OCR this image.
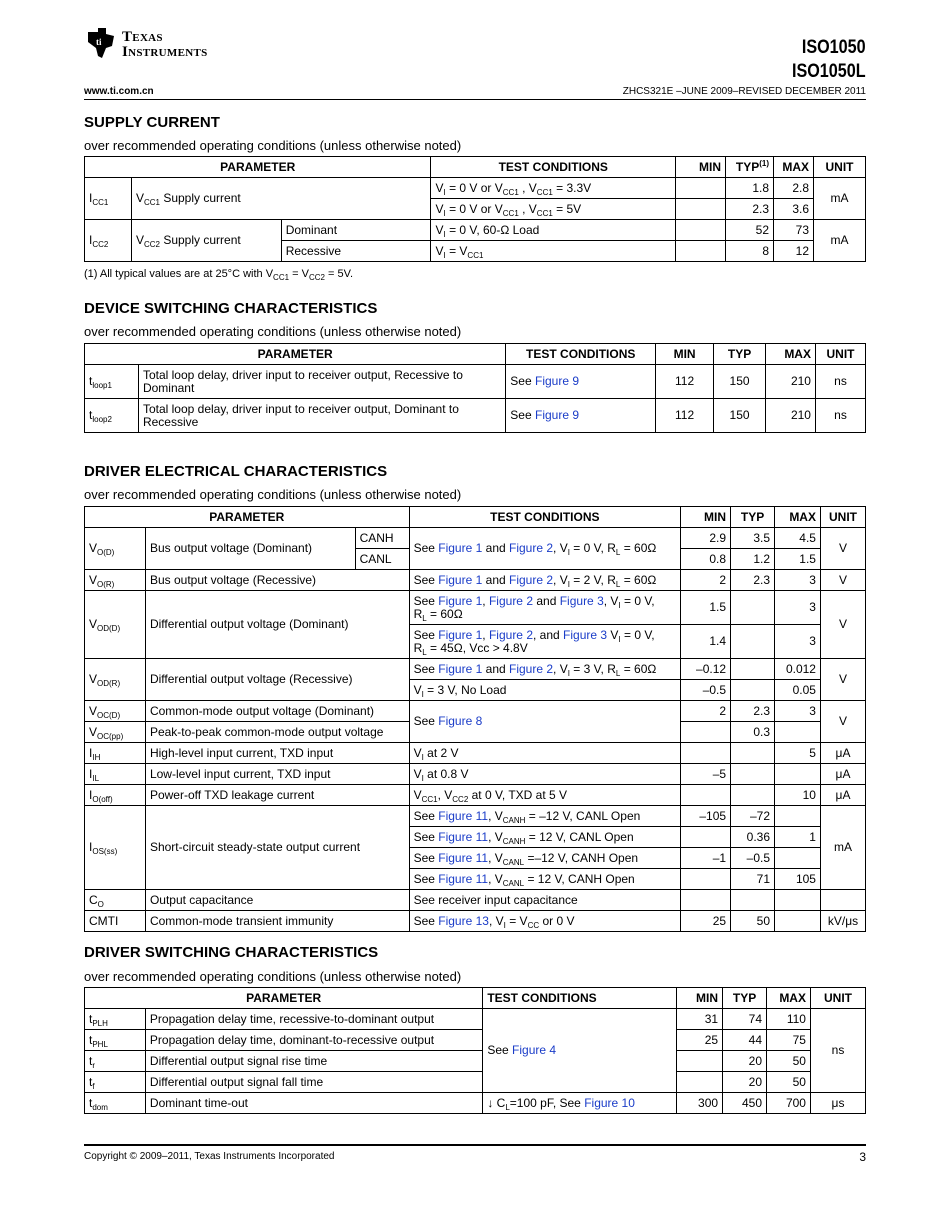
ti Texas
Instruments	ISO1050
ISO1050L
www.ti.com.cn	ZHCS321E –JUNE 2009–REVISED DECEMBER 2011
SUPPLY CURRENT
over recommended operating conditions (unless otherwise noted)
PARAMETER			TEST CONDITIONS	MIN	TYP$^{(1)}$	MAX	UNIT
$I_{CC1}$	$V_{CC1}$ Supply current		$V_I = 0$ V or $V_{CC1}$ , $V_{CC1} = 3.3V$		1.8	2.8	mA
			$V_I = 0$ V or $V_{CC1}$ , $V_{CC1} = 5V$		2.3	3.6	
$I_{CC2}$	$V_{CC2}$ Supply current	Dominant	$V_I = 0$ V, 60-Ω Load		52	73	mA
		Recessive	$V_I = V_{CC1}$		8	12	
(1) All typical values are at 25°C with $V_{CC1} = V_{CC2} = 5V$.
DEVICE SWITCHING CHARACTERISTICS
over recommended operating conditions (unless otherwise noted)
PARAMETER		TEST CONDITIONS	MIN	TYP	MAX	UNIT
$t_{loop1}$	Total loop delay, driver input to receiver output, Recessive to Dominant	See Figure 9	112	150	210	ns
$t_{loop2}$	Total loop delay, driver input to receiver output, Dominant to Recessive	See Figure 9	112	150	210	ns
DRIVER ELECTRICAL CHARACTERISTICS
over recommended operating conditions (unless otherwise noted)
PARAMETER			TEST CONDITIONS	MIN	TYP	MAX	UNIT
$V_{O(D)}$	Bus output voltage (Dominant)	CANH	See Figure 1 and Figure 2, $V_I = 0$ V, $R_L = 60\Omega$	2.9	3.5	4.5	V
		CANL		0.8	1.2	1.5	
$V_{O(R)}$	Bus output voltage (Recessive)		See Figure 1 and Figure 2, $V_I = 2$ V, $R_L = 60\Omega$	2	2.3	3	V
$V_{OD(D)}$	Differential output voltage (Dominant)		See Figure 1, Figure 2 and Figure 3, $V_I = 0$ V,
$R_L = 60\Omega$	1.5		3	V
			See Figure 1, Figure 2, and Figure 3 $V_I = 0$ V,
$R_L = 45\Omega$, Vcc > 4.8V	1.4		3	
$V_{OD(R)}$	Differential output voltage (Recessive)		See Figure 1 and Figure 2, $V_I = 3$ V, $R_L = 60\Omega$	–0.12		0.012	V
			$V_I = 3$ V, No Load	–0.5		0.05	
$V_{OC(D)}$	Common-mode output voltage (Dominant)		See Figure 8	2	2.3	3	V
$V_{OC(pp)}$	Peak-to-peak common-mode output voltage				0.3		
$I_{IH}$	High-level input current, TXD input		$V_I$ at 2 V			5	μA
$I_{IL}$	Low-level input current, TXD input		$V_I$ at 0.8 V	–5			μA
$I_{O(off)}$	Power-off TXD leakage current		$V_{CC1}$, $V_{CC2}$ at 0 V, TXD at 5 V			10	μA
$I_{OS(ss)}$	Short-circuit steady-state output current		See Figure 11, $V_{CANH} = -12$ V, CANL Open	–105	–72		mA
			See Figure 11, $V_{CANH} = 12$ V, CANL Open		0.36	1	
			See Figure 11, $V_{CANL} =-12$ V, CANH Open	–1	–0.5		
			See Figure 11, $V_{CANL} = 12$ V, CANH Open		71	105	
$C_O$	Output capacitance		See receiver input capacitance				
CMTI	Common-mode transient immunity		See Figure 13, $V_I = V_{CC}$ or 0 V	25	50		kV/μs
DRIVER SWITCHING CHARACTERISTICS
over recommended operating conditions (unless otherwise noted)
PARAMETER		TEST CONDITIONS	MIN	TYP	MAX	UNIT
$t_{PLH}$	Propagation delay time, recessive-to-dominant output	See Figure 4	31	74	110	ns
$t_{PHL}$	Propagation delay time, dominant-to-recessive output		25	44	75	
$t_r$	Differential output signal rise time			20	50	
$t_f$	Differential output signal fall time			20	50	
$t_{dom}$	Dominant time-out	↓ $C_L=100$ pF, See Figure 10	300	450	700	μs
Copyright © 2009–2011, Texas Instruments Incorporated	3
